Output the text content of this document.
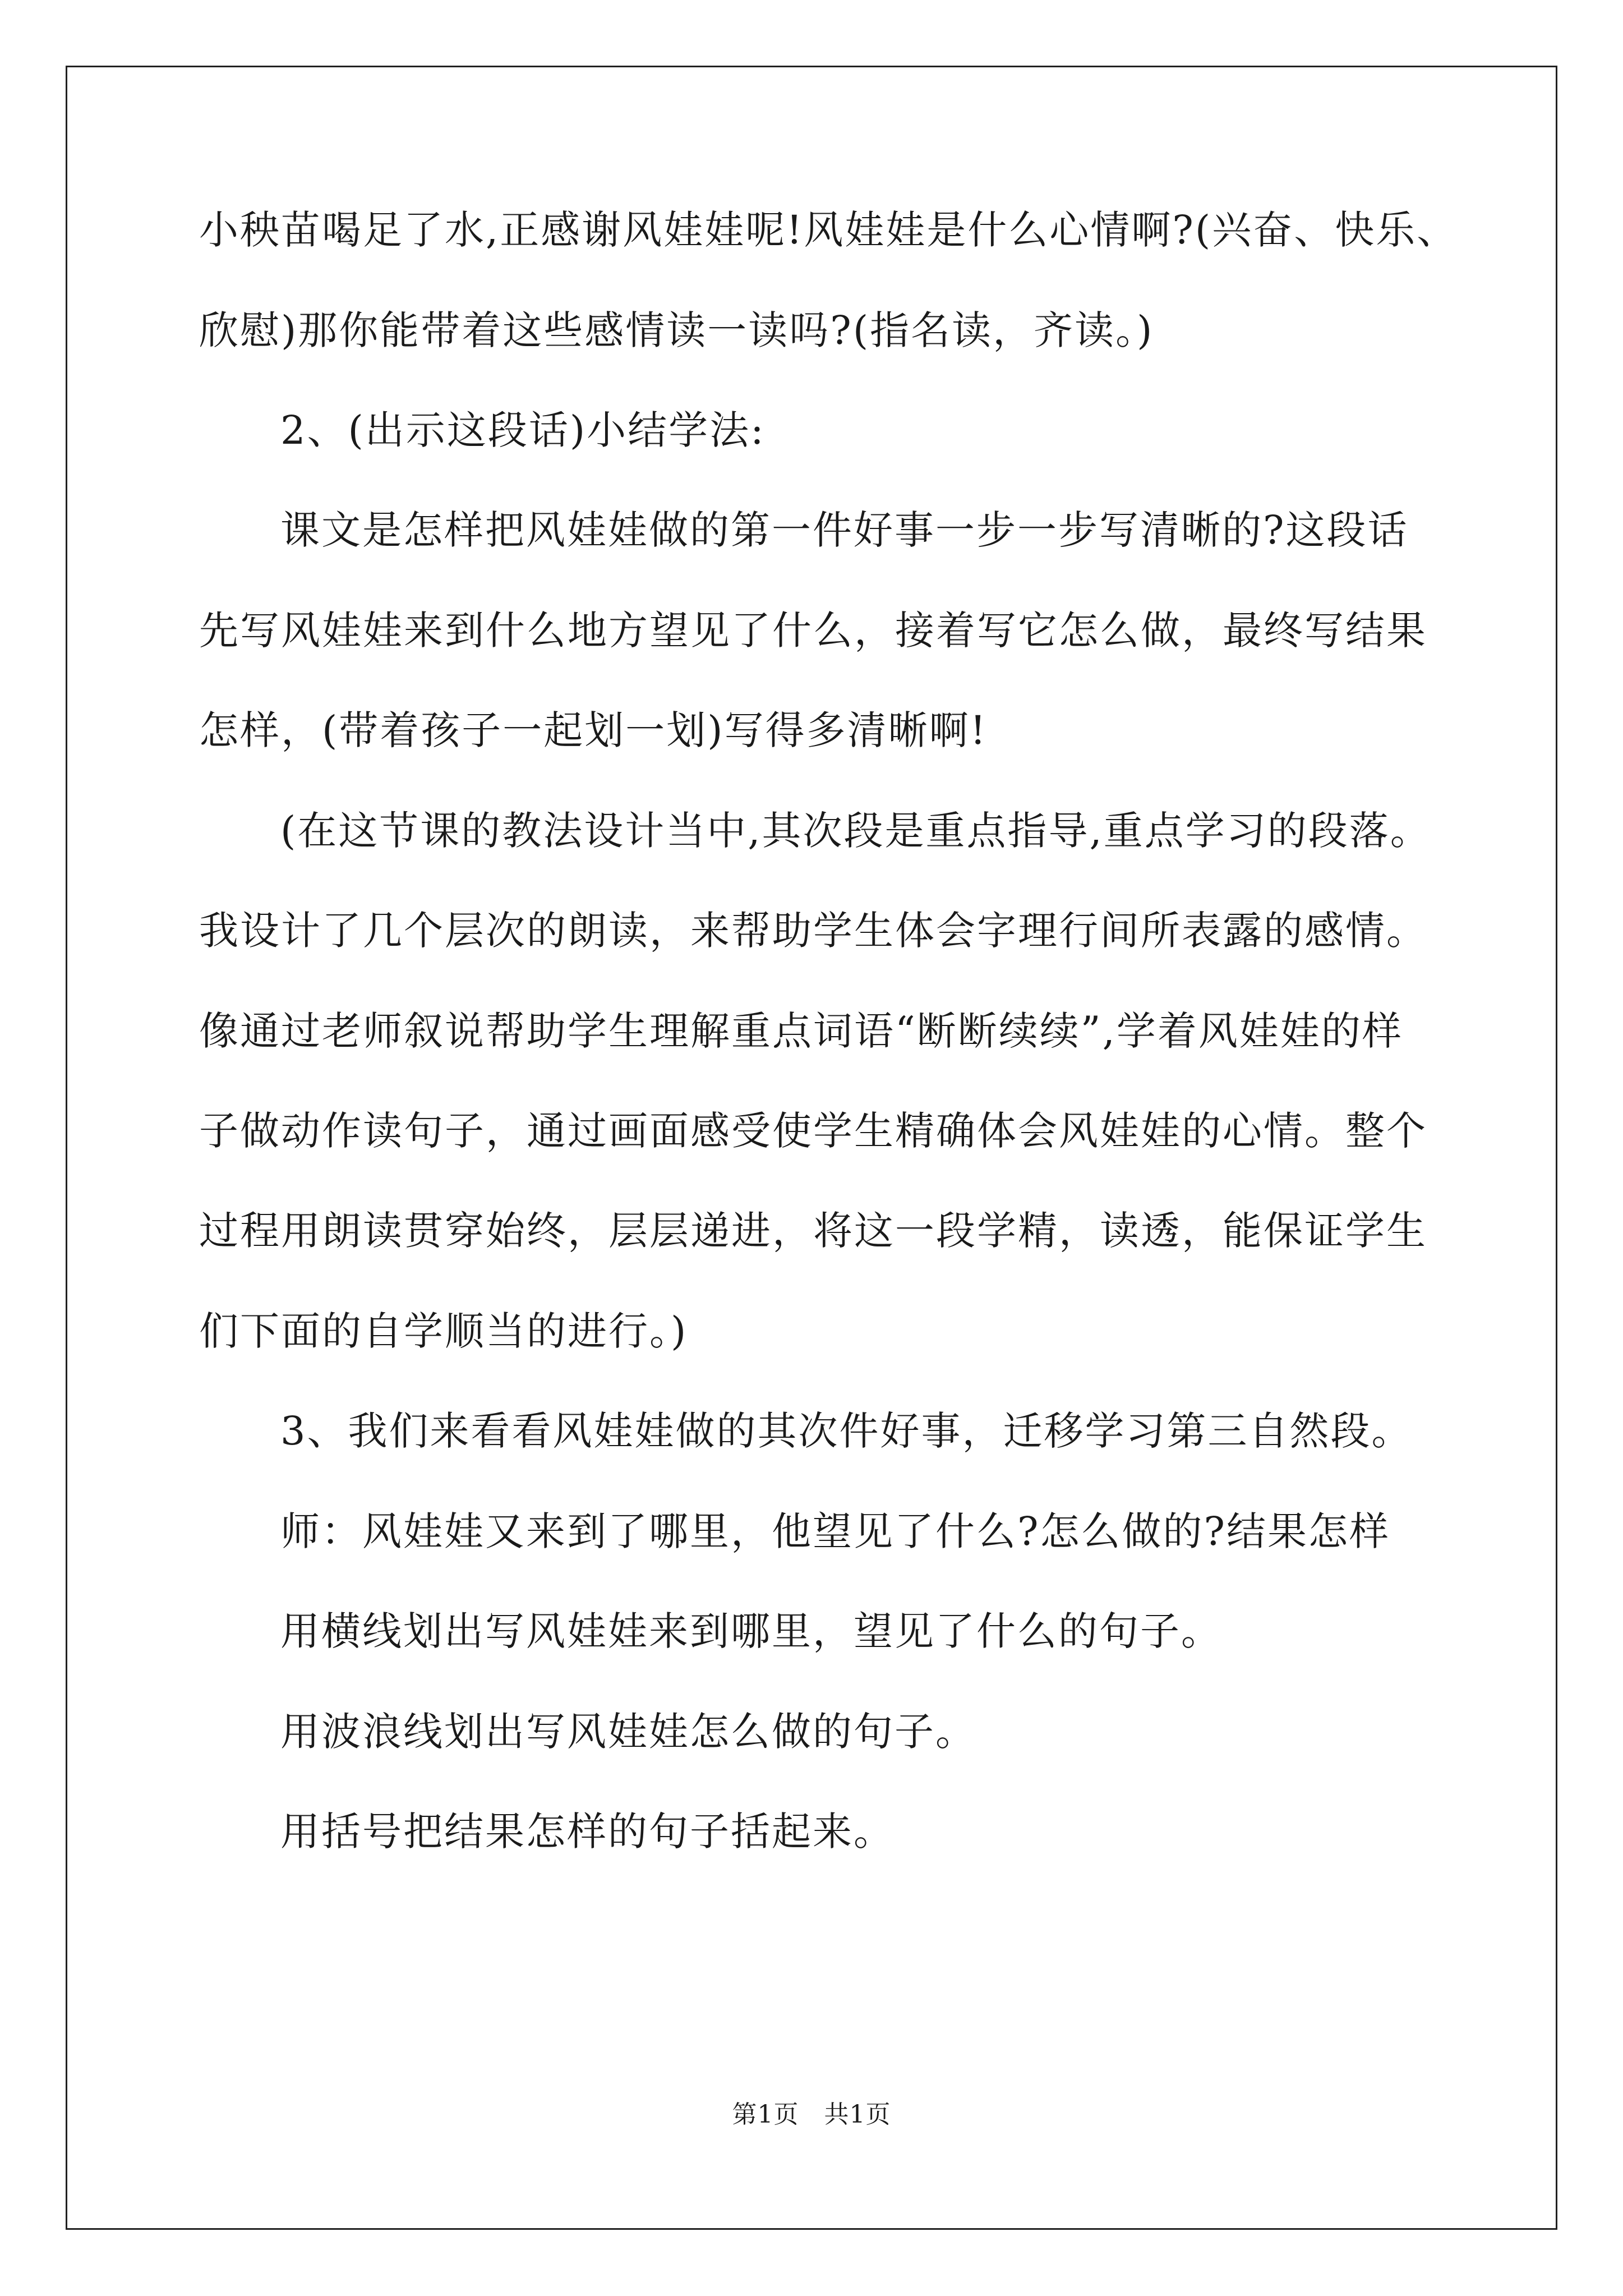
小秧苗喝足了水,正感谢风娃娃呢!风娃娃是什么心情啊?(兴奋、快乐、
欣慰)那你能带着这些感情读一读吗?(指名读，齐读。)
2、(出示这段话)小结学法:
课文是怎样把风娃娃做的第一件好事一步一步写清晰的?这段话
先写风娃娃来到什么地方望见了什么，接着写它怎么做，最终写结果
怎样，(带着孩子一起划一划)写得多清晰啊!
(在这节课的教法设计当中,其次段是重点指导,重点学习的段落。
我设计了几个层次的朗读，来帮助学生体会字理行间所表露的感情。
像通过老师叙说帮助学生理解重点词语“断断续续”,学着风娃娃的样
子做动作读句子，通过画面感受使学生精确体会风娃娃的心情。整个
过程用朗读贯穿始终，层层递进，将这一段学精，读透，能保证学生
们下面的自学顺当的进行。)
3、我们来看看风娃娃做的其次件好事，迁移学习第三自然段。
师：风娃娃又来到了哪里，他望见了什么?怎么做的?结果怎样
用横线划出写风娃娃来到哪里，望见了什么的句子。
用波浪线划出写风娃娃怎么做的句子。
用括号把结果怎样的句子括起来。
第1页　共1页
